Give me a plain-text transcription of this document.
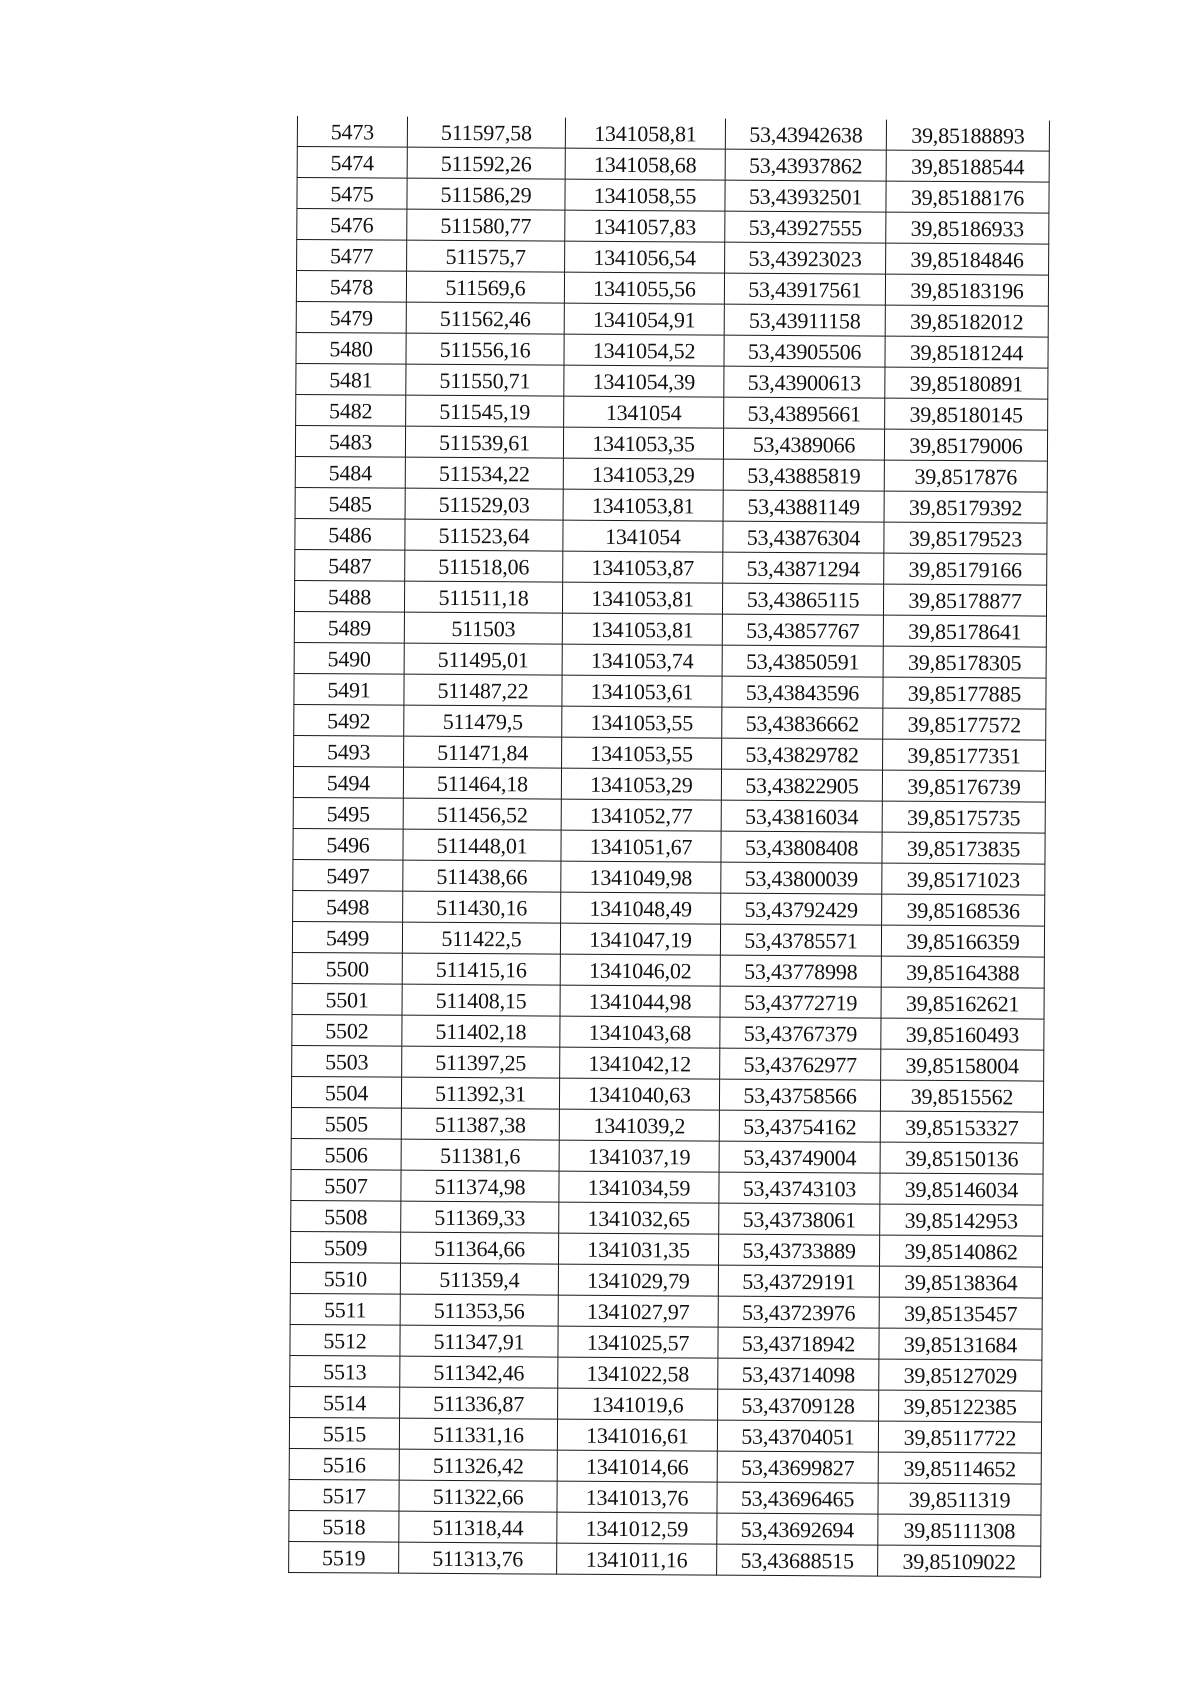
5473	511597,58	1341058,81	53,43942638	39,85188893
5474	511592,26	1341058,68	53,43937862	39,85188544
5475	511586,29	1341058,55	53,43932501	39,85188176
5476	511580,77	1341057,83	53,43927555	39,85186933
5477	511575,7	1341056,54	53,43923023	39,85184846
5478	511569,6	1341055,56	53,43917561	39,85183196
5479	511562,46	1341054,91	53,43911158	39,85182012
5480	511556,16	1341054,52	53,43905506	39,85181244
5481	511550,71	1341054,39	53,43900613	39,85180891
5482	511545,19	1341054	53,43895661	39,85180145
5483	511539,61	1341053,35	53,4389066	39,85179006
5484	511534,22	1341053,29	53,43885819	39,8517876
5485	511529,03	1341053,81	53,43881149	39,85179392
5486	511523,64	1341054	53,43876304	39,85179523
5487	511518,06	1341053,87	53,43871294	39,85179166
5488	511511,18	1341053,81	53,43865115	39,85178877
5489	511503	1341053,81	53,43857767	39,85178641
5490	511495,01	1341053,74	53,43850591	39,85178305
5491	511487,22	1341053,61	53,43843596	39,85177885
5492	511479,5	1341053,55	53,43836662	39,85177572
5493	511471,84	1341053,55	53,43829782	39,85177351
5494	511464,18	1341053,29	53,43822905	39,85176739
5495	511456,52	1341052,77	53,43816034	39,85175735
5496	511448,01	1341051,67	53,43808408	39,85173835
5497	511438,66	1341049,98	53,43800039	39,85171023
5498	511430,16	1341048,49	53,43792429	39,85168536
5499	511422,5	1341047,19	53,43785571	39,85166359
5500	511415,16	1341046,02	53,43778998	39,85164388
5501	511408,15	1341044,98	53,43772719	39,85162621
5502	511402,18	1341043,68	53,43767379	39,85160493
5503	511397,25	1341042,12	53,43762977	39,85158004
5504	511392,31	1341040,63	53,43758566	39,8515562
5505	511387,38	1341039,2	53,43754162	39,85153327
5506	511381,6	1341037,19	53,43749004	39,85150136
5507	511374,98	1341034,59	53,43743103	39,85146034
5508	511369,33	1341032,65	53,43738061	39,85142953
5509	511364,66	1341031,35	53,43733889	39,85140862
5510	511359,4	1341029,79	53,43729191	39,85138364
5511	511353,56	1341027,97	53,43723976	39,85135457
5512	511347,91	1341025,57	53,43718942	39,85131684
5513	511342,46	1341022,58	53,43714098	39,85127029
5514	511336,87	1341019,6	53,43709128	39,85122385
5515	511331,16	1341016,61	53,43704051	39,85117722
5516	511326,42	1341014,66	53,43699827	39,85114652
5517	511322,66	1341013,76	53,43696465	39,8511319
5518	511318,44	1341012,59	53,43692694	39,85111308
5519	511313,76	1341011,16	53,43688515	39,85109022
